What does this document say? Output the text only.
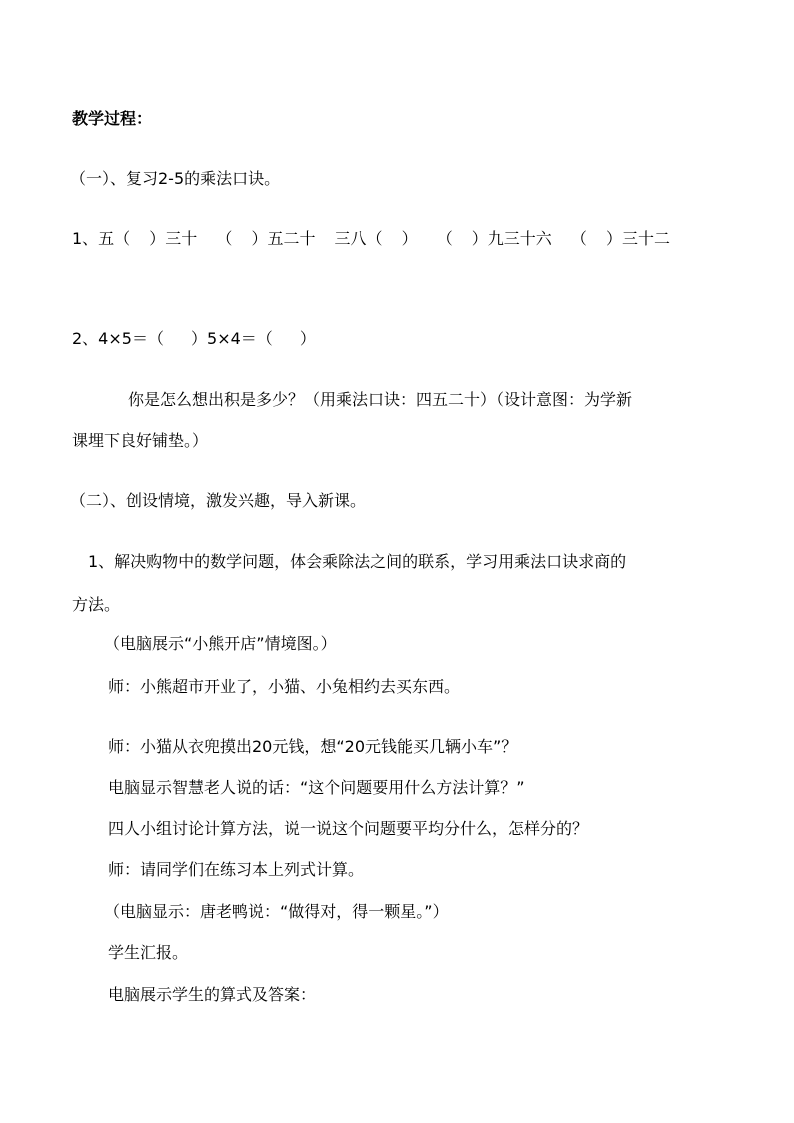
教学过程：
（一）、复习2-5的乘法口诀。
1、五（ ）三十 （ ）五二十 三八（ ） （ ）九三十六 （ ）三十二
2、4×5＝（ ）5×4＝（ ）
你是怎么想出积是多少？（用乘法口诀：四五二十）（设计意图：为学新
课埋下良好铺垫。）
（二）、创设情境，激发兴趣，导入新课。
1、解决购物中的数学问题，体会乘除法之间的联系，学习用乘法口诀求商的
方法。
（电脑展示“小熊开店”情境图。）
师：小熊超市开业了，小猫、小兔相约去买东西。
师：小猫从衣兜摸出20元钱，想“20元钱能买几辆小车”？
电脑显示智慧老人说的话：“这个问题要用什么方法计算？”
四人小组讨论计算方法，说一说这个问题要平均分什么，怎样分的？
师：请同学们在练习本上列式计算。
（电脑显示：唐老鸭说：“做得对，得一颗星。”）
学生汇报。
电脑展示学生的算式及答案：
